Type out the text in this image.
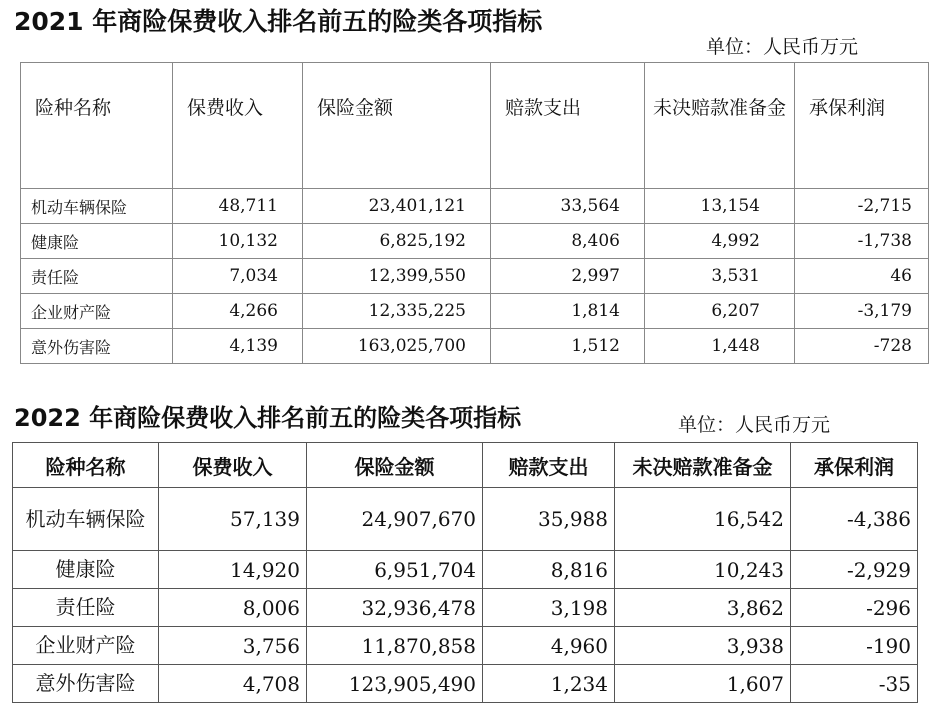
2021 年商险保费收入排名前五的险类各项指标
单位：人民币万元
险种名称	保费收入	保险金额	赔款支出	未决赔款准备金	承保利润
机动车辆保险	48,711	23,401,121	33,564	13,154	-2,715
健康险	10,132	6,825,192	8,406	4,992	-1,738
责任险	7,034	12,399,550	2,997	3,531	46
企业财产险	4,266	12,335,225	1,814	6,207	-3,179
意外伤害险	4,139	163,025,700	1,512	1,448	-728
2022 年商险保费收入排名前五的险类各项指标	单位：人民币万元
险种名称	保费收入	保险金额	赔款支出	未决赔款准备金	承保利润
机动车辆保险	57,139	24,907,670	35,988	16,542	-4,386
健康险	14,920	6,951,704	8,816	10,243	-2,929
责任险	8,006	32,936,478	3,198	3,862	-296
企业财产险	3,756	11,870,858	4,960	3,938	-190
意外伤害险	4,708	123,905,490	1,234	1,607	-35
